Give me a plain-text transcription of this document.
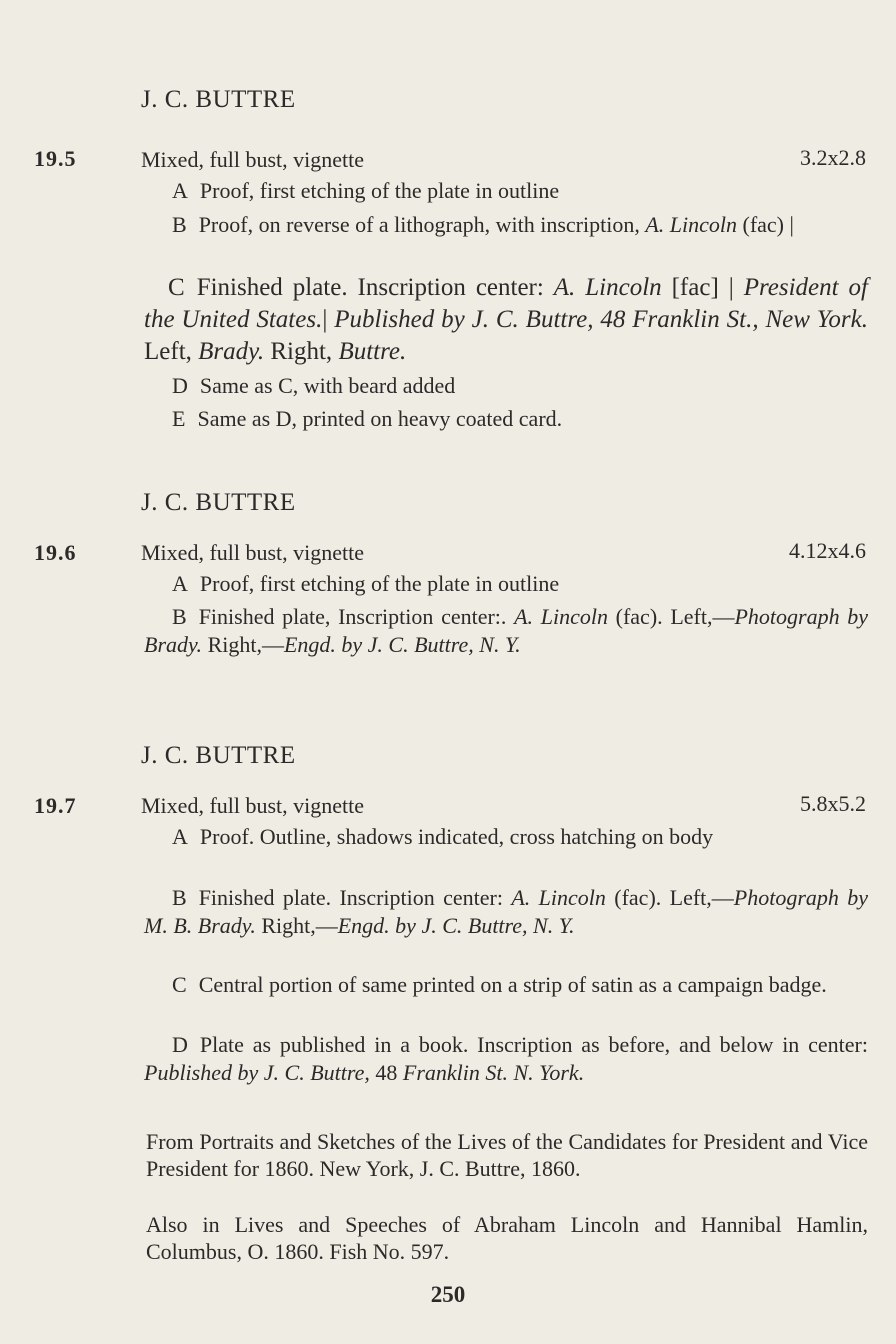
J. C. BUTTRE
19.5	Mixed, full bust, vignette	3.2x2.8
A Proof, first etching of the plate in outline
B Proof, on reverse of a lithograph, with inscription, A. Lincoln (fac) |
C Finished plate. Inscription center: A. Lincoln [fac] | President of the United States.| Published by J. C. Buttre, 48 Franklin St., New York. Left, Brady. Right, Buttre.
D Same as C, with beard added
E Same as D, printed on heavy coated card.
J. C. BUTTRE
19.6	Mixed, full bust, vignette	4.12x4.6
A Proof, first etching of the plate in outline
B Finished plate, Inscription center:. A. Lincoln (fac). Left,—Photograph by Brady. Right,—Engd. by J. C. Buttre, N. Y.
J. C. BUTTRE
19.7	Mixed, full bust, vignette	5.8x5.2
A Proof. Outline, shadows indicated, cross hatching on body
B Finished plate. Inscription center: A. Lincoln (fac). Left,—Photograph by M. B. Brady. Right,—Engd. by J. C. Buttre, N. Y.
C Central portion of same printed on a strip of satin as a campaign badge.
D Plate as published in a book. Inscription as before, and below in center: Published by J. C. Buttre, 48 Franklin St. N. York.
From Portraits and Sketches of the Lives of the Candidates for President and Vice President for 1860. New York, J. C. Buttre, 1860.
Also in Lives and Speeches of Abraham Lincoln and Hannibal Hamlin, Columbus, O. 1860. Fish No. 597.
250
